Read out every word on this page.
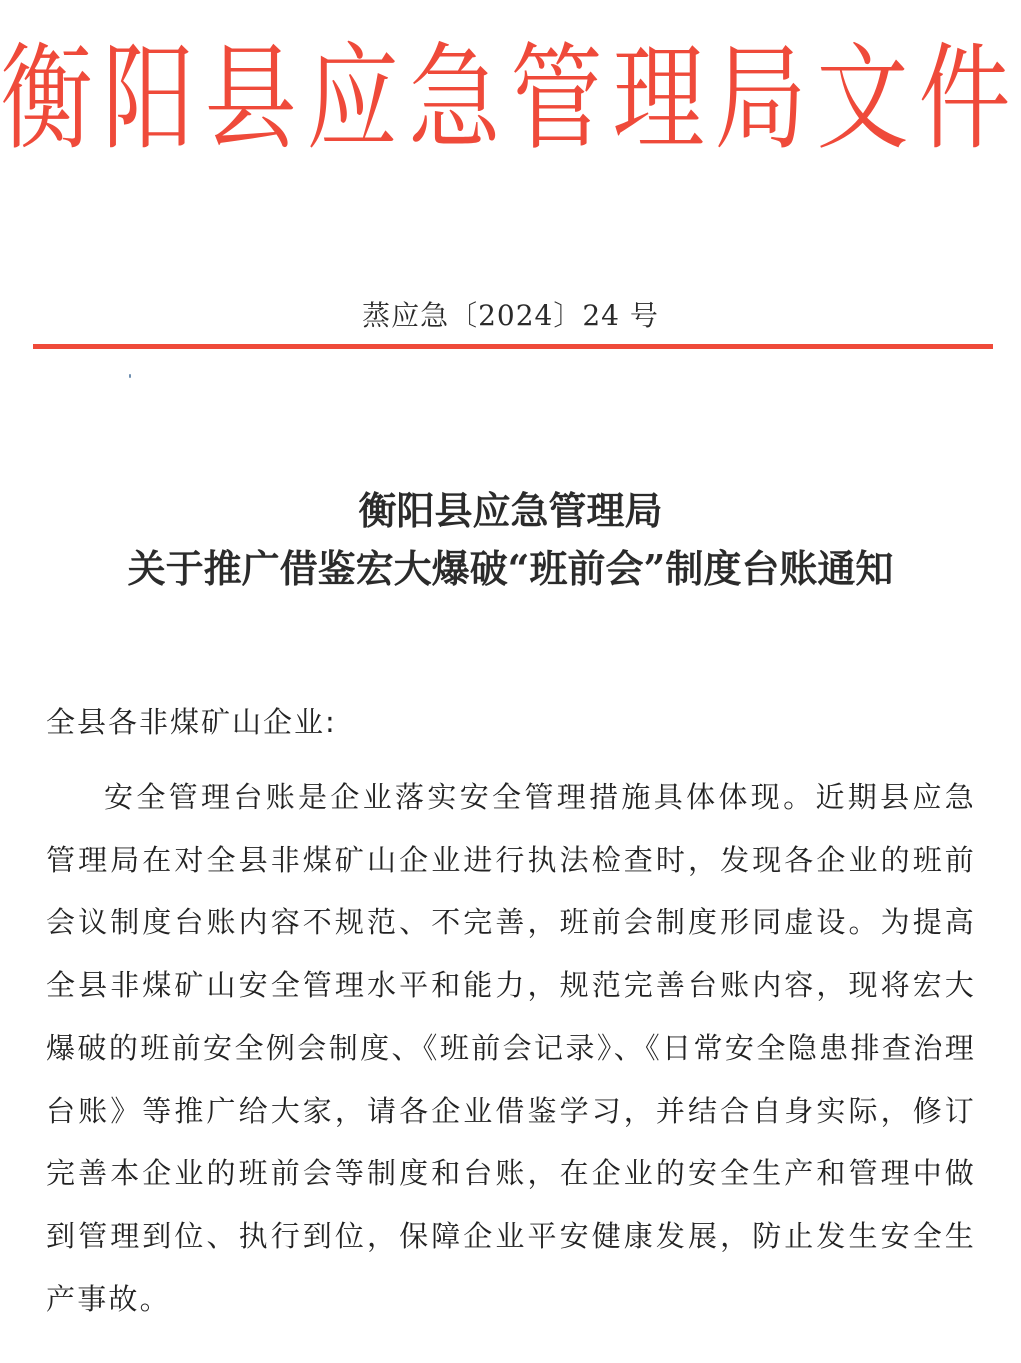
衡阳县应急管理局文件
蒸应急〔2024〕24 号
衡阳县应急管理局
关于推广借鉴宏大爆破“班前会”制度台账通知

全县各非煤矿山企业:

安全管理台账是企业落实安全管理措施具体体现。近期县应急管理局在对全县非煤矿山企业进行执法检查时，发现各企业的班前会议制度台账内容不规范、不完善，班前会制度形同虚设。为提高全县非煤矿山安全管理水平和能力，规范完善台账内容，现将宏大爆破的班前安全例会制度、《班前会记录》、《日常安全隐患排查治理台账》等推广给大家，请各企业借鉴学习，并结合自身实际，修订完善本企业的班前会等制度和台账，在企业的安全生产和管理中做到管理到位、执行到位，保障企业平安健康发展，防止发生安全生产事故。
